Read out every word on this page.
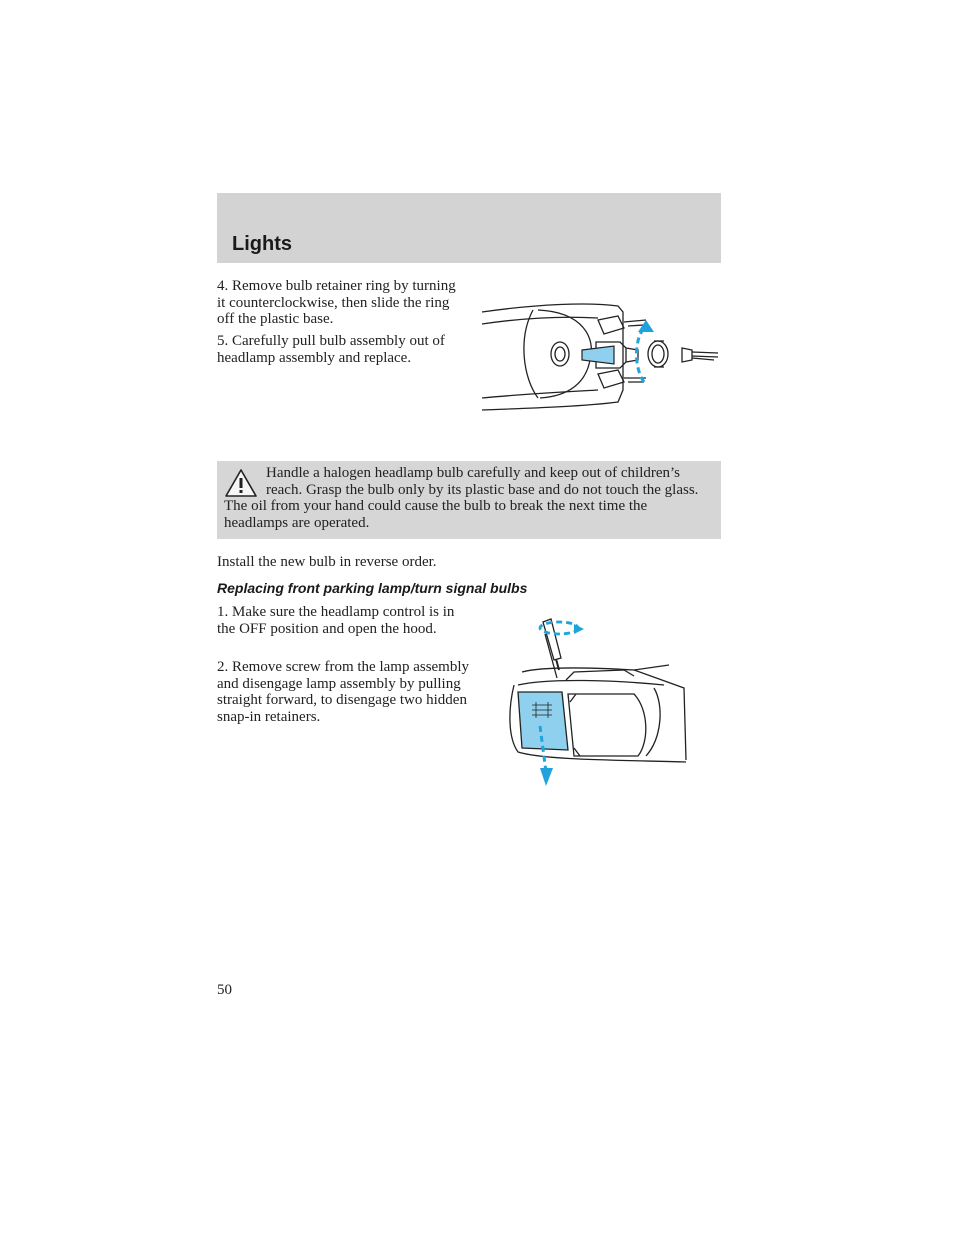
Lights

4. Remove bulb retainer ring by turning it counterclockwise, then slide the ring off the plastic base.

5. Carefully pull bulb assembly out of headlamp assembly and replace.

Handle a halogen headlamp bulb carefully and keep out of children’s reach. Grasp the bulb only by its plastic base and do not touch the glass. The oil from your hand could cause the bulb to break the next time the headlamps are operated.

Install the new bulb in reverse order.

Replacing front parking lamp/turn signal bulbs

1. Make sure the headlamp control is in the OFF position and open the hood.

2. Remove screw from the lamp assembly and disengage lamp assembly by pulling straight forward, to disengage two hidden snap-in retainers.

50
